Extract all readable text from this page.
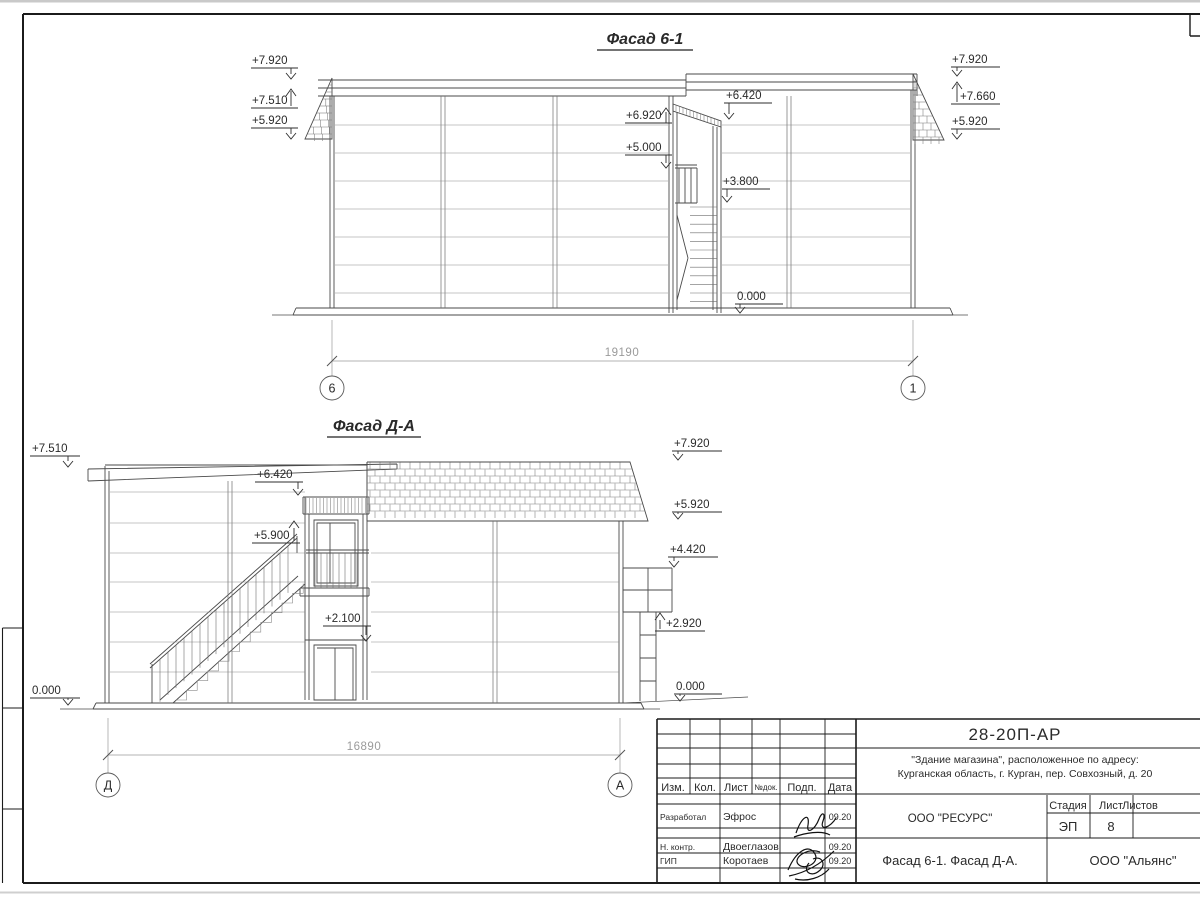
Фасад 6-1
+7.920
+7.510
+5.920	+6.920
+5.000
+6.420
+3.800
0.000
+7.920
+7.660
+5.920
19190
6	1
Фасад Д-А
+7.510
0.000
+6.420
+5.900
+2.100
+7.920
+5.920
+4.420
+2.920
0.000
16890
Д	А	Изм. Кол. Лист №док. Подп. Дата
Разработал Эфрос	09.20
Н. контр.	Двоеглазов	09.20
ГИП	Коротаев	09.20
28-20П-АР
"Здание магазина", расположенное по адресу:
Курганская область, г. Курган, пер. Совхозный, д. 20
ООО "РЕСУРС"
Стадия Лист Листов
ЭП 8
Фасад 6-1. Фасад Д-А.	ООО "Альянс"
